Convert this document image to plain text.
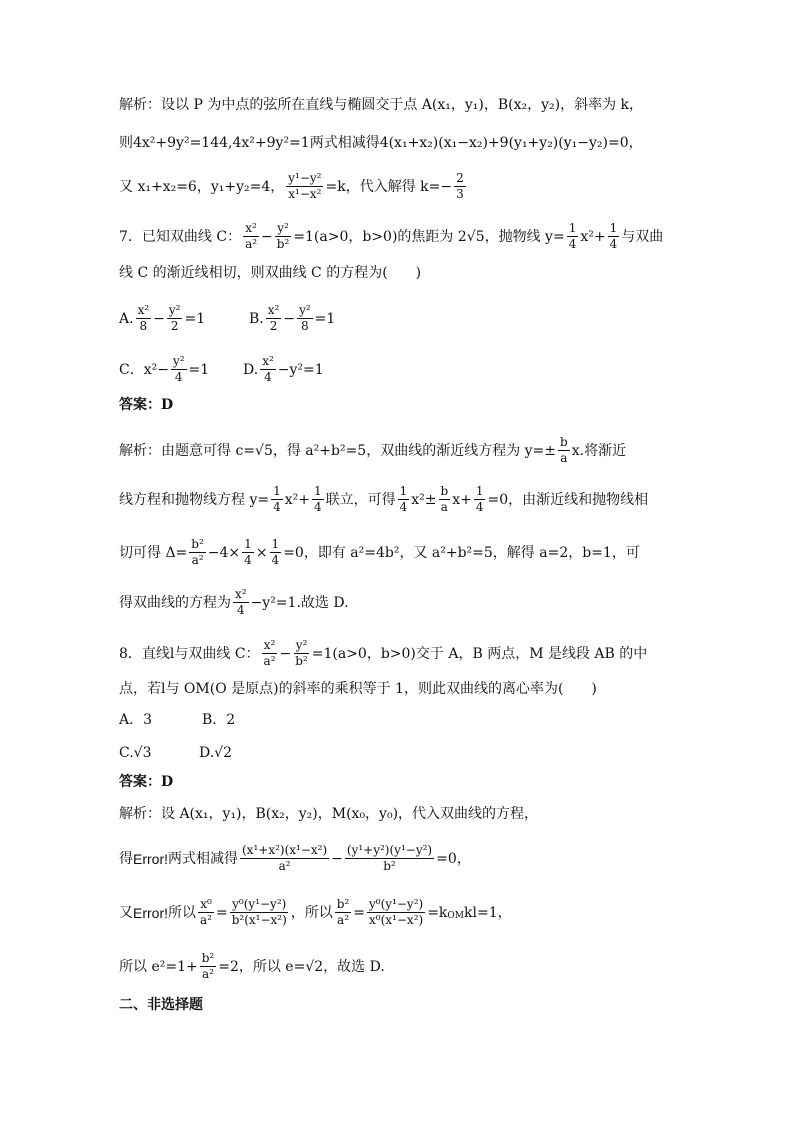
解析：设以 P 为中点的弦所在直线与椭圆交于点 A(x₁，y₁)，B(x₂，y₂)，斜率为 k，
则4x²+9y²=144,4x²+9y²=1两式相减得4(x₁+x₂)(x₁−x₂)+9(y₁+y₂)(y₁−y₂)=0，
又 x₁+x₂=6，y₁+y₂=4， $\frac{\text{y¹−y²}}{\text{x¹−x²}} =k$，代入解得 $k=- \frac{2}{3}$
7．已知双曲线 C： $\frac{\text{x²}}{\text{a²}} - \frac{\text{y²}}{\text{b²}} =1(a>0$，b>0)的焦距为 2√5，抛物线 $y= \frac{1}{4} x^2+ \frac{1}{4}$ 与双曲
线 C 的渐近线相切，则双曲线 C 的方程为(　　)
A. $\frac{\text{x²}}{8} - \frac{\text{y²}}{2} =1$	B. $\frac{\text{x²}}{2} - \frac{\text{y²}}{8} =1$
C．$x^2- \frac{\text{y²}}{4} =1$ D. $\frac{\text{x²}}{4} -y^2=1$
答案：D
解析：由题意可得 c=√5，得 a²+b²=5，双曲线的渐近线方程为 $y=\pm \frac{b}{a} x$.将渐近
线方程和抛物线方程 $y= \frac{1}{4} x^2+ \frac{1}{4}$ 联立，可得 $\frac{1}{4} x^2\pm \frac{b}{a} x+ \frac{1}{4} =0$，由渐近线和抛物线相
切可得 $\Delta= \frac{\text{b²}}{\text{a²}} -4\times \frac{1}{4} \times \frac{1}{4} =0$，即有 a²=4b²，又 a²+b²=5，解得 a=2，b=1，可
得双曲线的方程为 $\frac{\text{x²}}{4} -y^2=1$.故选 D.
8．直线l与双曲线 C： $\frac{\text{x²}}{\text{a²}} - \frac{\text{y²}}{\text{b²}} =1(a>0$，b>0)交于 A，B 两点，M 是线段 AB 的中
点，若l与 OM(O 是原点)的斜率的乘积等于 1，则此双曲线的离心率为(　　)
A．3	B．2
C.√3	D.√2
答案：D
解析：设 A(x₁，y₁)，B(x₂，y₂)，M(x₀，y₀)，代入双曲线的方程，
得 Error! 两式相减得 $\frac{\text{(x¹+x²)(x¹−x²)}}{\text{a²}} - \frac{\text{(y¹+y²)(y¹−y²)}}{\text{b²}} =0$，
又 Error! 所以 $\frac{\text{x⁰}}{\text{a²}} = \frac{\text{y⁰(y¹−y²)}}{\text{b²(x¹−x²)}}$ ，所以 $\frac{\text{b²}}{\text{a²}} = \frac{\text{y⁰(y¹−y²)}}{\text{x⁰(x¹−x²)}} =k$ OM kl=1，
所以 $e^2=1+ \frac{\text{b²}}{\text{a²}} =2$，所以 e=√2，故选 D.
二、非选择题
